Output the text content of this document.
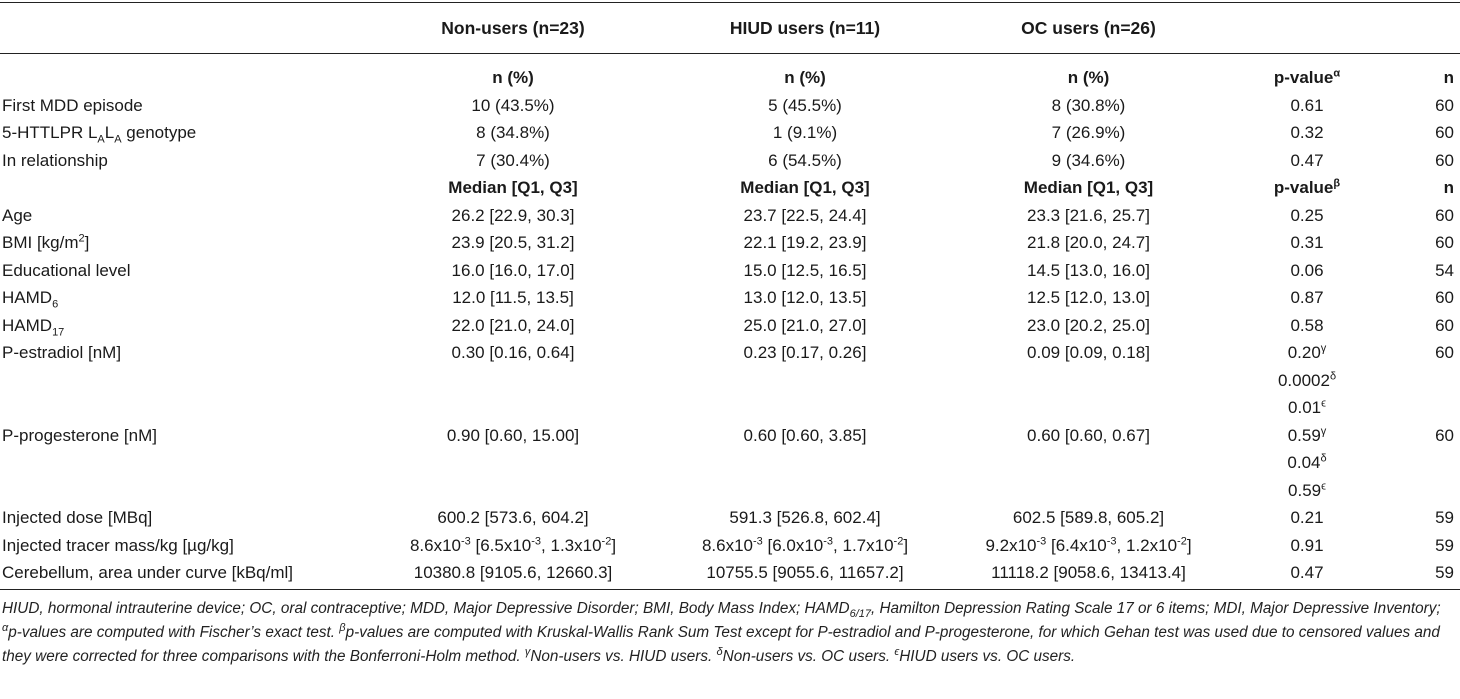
	Non-users (n=23)	HIUD users (n=11)	OC users (n=26)		
	n (%)	n (%)	n (%)	p-value$^\alpha$	n
First MDD episode	10 (43.5%)	5 (45.5%)	8 (30.8%)	0.61	60
5-HTTLPR $L_AL_A$ genotype	8 (34.8%)	1 (9.1%)	7 (26.9%)	0.32	60
In relationship	7 (30.4%)	6 (54.5%)	9 (34.6%)	0.47	60
	Median [Q1, Q3]	Median [Q1, Q3]	Median [Q1, Q3]	p-value$^\beta$	n
Age	26.2 [22.9, 30.3]	23.7 [22.5, 24.4]	23.3 [21.6, 25.7]	0.25	60
BMI $[kg/m^2]$	23.9 [20.5, 31.2]	22.1 [19.2, 23.9]	21.8 [20.0, 24.7]	0.31	60
Educational level	16.0 [16.0, 17.0]	15.0 [12.5, 16.5]	14.5 [13.0, 16.0]	0.06	54
$HAMD_6$	12.0 [11.5, 13.5]	13.0 [12.0, 13.5]	12.5 [12.0, 13.0]	0.87	60
$HAMD_{17}$	22.0 [21.0, 24.0]	25.0 [21.0, 27.0]	23.0 [20.2, 25.0]	0.58	60
P-estradiol [nM]	0.30 [0.16, 0.64]	0.23 [0.17, 0.26]	0.09 [0.09, 0.18]	$0.20^\gamma$	60
				$0.0002^\delta$	
				$0.01^\epsilon$	
P-progesterone [nM]	0.90 [0.60, 15.00]	0.60 [0.60, 3.85]	0.60 [0.60, 0.67]	$0.59^\gamma$	60
				$0.04^\delta$	
				$0.59^\epsilon$	
Injected dose [MBq]	600.2 [573.6, 604.2]	591.3 [526.8, 602.4]	602.5 [589.8, 605.2]	0.21	59
Injected tracer mass/kg [µg/kg]	$8.6x10^{-3}$ [$6.5x10^{-3}$, $1.3x10^{-2}$]	$8.6x10^{-3}$ [$6.0x10^{-3}$, $1.7x10^{-2}$]	$9.2x10^{-3}$ [$6.4x10^{-3}$, $1.2x10^{-2}$]	0.91	59
Cerebellum, area under curve [kBq/ml]	10380.8 [9105.6, 12660.3]	10755.5 [9055.6, 11657.2]	11118.2 [9058.6, 13413.4]	0.47	59
HIUD, hormonal intrauterine device; OC, oral contraceptive; MDD, Major Depressive Disorder; BMI, Body Mass Index; $HAMD_{6/17}$, Hamilton Depression Rating Scale 17 or 6 items; MDI, Major Depressive Inventory; $^\alpha$p-values are computed with Fischer’s exact test. $^\beta$p-values are computed with Kruskal-Wallis Rank Sum Test except for P-estradiol and P-progesterone, for which Gehan test was used due to censored values and they were corrected for three comparisons with the Bonferroni-Holm method. $^\gamma$Non-users vs. HIUD users. $^\delta$Non-users vs. OC users. $^\epsilon$HIUD users vs. OC users.
